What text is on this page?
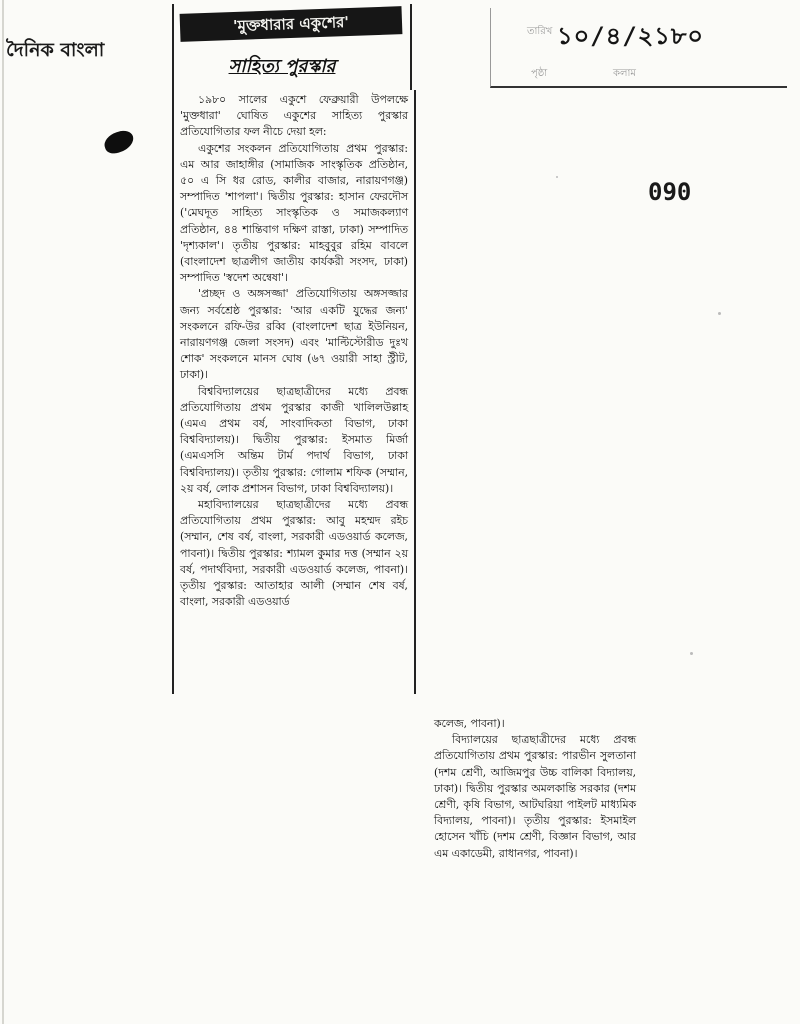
দৈনিক বাংলা
'মুক্তধারার একুশের'
সাহিত্য পুরস্কার
তারিখ ১০/৪/২১৮০
পৃষ্ঠা	কলাম
090

১৯৮০ সালের একুশে ফেব্রুয়ারী উপলক্ষে 'মুক্তধারা' ঘোষিত একুশের সাহিত্য পুরস্কার প্রতিযোগিতার ফল নীচে দেয়া হল:

একুশের সংকলন প্রতিযোগিতায় প্রথম পুরস্কার: এম আর জাহাঙ্গীর (সামাজিক সাংস্কৃতিক প্রতিষ্ঠান, ৫০ এ সি ধর রোড, কালীর বাজার, নারায়ণগঞ্জ) সম্পাদিত 'শাপলা'। দ্বিতীয় পুরস্কার: হাসান ফেরদৌস ('মেঘদূত সাহিত্য সাংস্কৃতিক ও সমাজকল্যাণ প্রতিষ্ঠান, ৪৪ শান্তিবাগ দক্ষিণ রাস্তা, ঢাকা) সম্পাদিত 'দৃশ্যকাল'। তৃতীয় পুরস্কার: মাহবুবুর রহিম বাবলে (বাংলাদেশ ছাত্রলীগ জাতীয় কার্যকরী সংসদ, ঢাকা) সম্পাদিত 'স্বদেশ অন্বেষা'।

'প্রচ্ছদ ও অঙ্গসজ্জা' প্রতিযোগিতায় অঙ্গসজ্জার জন্য সর্বশ্রেষ্ঠ পুরস্কার: 'আর একটি যুদ্ধের জন্য' সংকলনে রফি-উর রব্বি (বাংলাদেশ ছাত্র ইউনিয়ন, নারায়ণগঞ্জ জেলা সংসদ) এবং 'মাল্টিস্টোরীড দুঃখ শোক' সংকলনে মানস ঘোষ (৬৭ ওয়ারী সাহা স্ট্রীট, ঢাকা)।

বিশ্ববিদ্যালয়ের ছাত্রছাত্রীদের মধ্যে প্রবন্ধ প্রতিযোগিতায় প্রথম পুরস্কার কাজী খালিলউল্লাহ (এমএ প্রথম বর্ষ, সাংবাদিকতা বিভাগ, ঢাকা বিশ্ববিদ্যালয়)। দ্বিতীয় পুরস্কার: ইসমাত মির্জা (এমএসসি অন্তিম টার্ম পদার্থ বিভাগ, ঢাকা বিশ্ববিদ্যালয়)। তৃতীয় পুরস্কার: গোলাম শফিক (সম্মান, ২য় বর্ষ, লোক প্রশাসন বিভাগ, ঢাকা বিশ্ববিদ্যালয়)।

মহাবিদ্যালয়ের ছাত্রছাত্রীদের মধ্যে প্রবন্ধ প্রতিযোগিতায় প্রথম পুরস্কার: আবু মহম্মদ রইচ (সম্মান, শেষ বর্ষ, বাংলা, সরকারী এডওয়ার্ড কলেজ, পাবনা)। দ্বিতীয় পুরস্কার: শ্যামল কুমার দত্ত (সম্মান ২য় বর্ষ, পদার্থবিদ্যা, সরকারী এডওয়ার্ড কলেজ, পাবনা)। তৃতীয় পুরস্কার: আতাহার আলী (সম্মান শেষ বর্ষ, বাংলা, সরকারী এডওয়ার্ড

কলেজ, পাবনা)।

বিদ্যালয়ের ছাত্রছাত্রীদের মধ্যে প্রবন্ধ প্রতিযোগিতায় প্রথম পুরস্কার: পারভীন সুলতানা (দশম শ্রেণী, আজিমপুর উচ্চ বালিকা বিদ্যালয়, ঢাকা)। দ্বিতীয় পুরস্কার অমলকান্তি সরকার (দশম শ্রেণী, কৃষি বিভাগ, আটঘরিয়া পাইলট মাধ্যমিক বিদ্যালয়, পাবনা)। তৃতীয় পুরস্কার: ইসমাইল হোসেন খাঁচি (দশম শ্রেণী, বিজ্ঞান বিভাগ, আর এম একাডেমী, রাধানগর, পাবনা)।
